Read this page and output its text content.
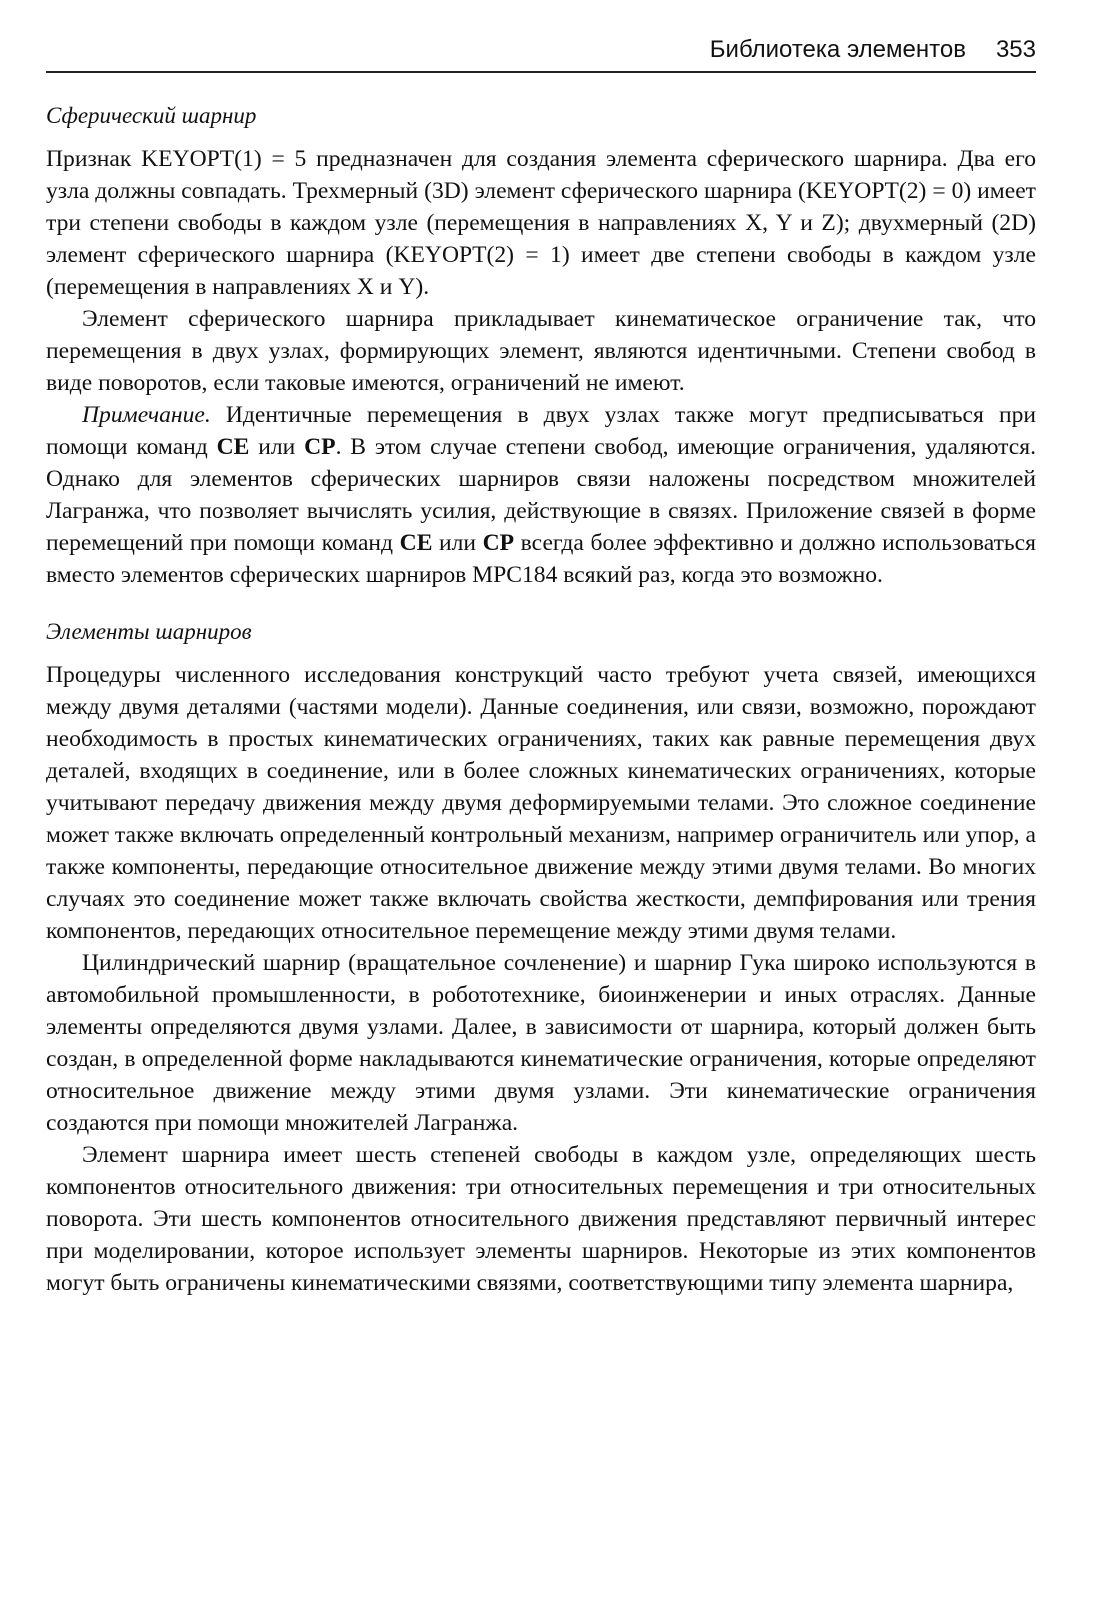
Библиотека элементов 353
Сферический шарнир

Признак KEYOPT(1) = 5 предназначен для создания элемента сферического шарнира. Два его узла должны совпадать. Трехмерный (3D) элемент сферического шарнира (KEYOPT(2) = 0) имеет три степени свободы в каждом узле (перемещения в направлениях X, Y и Z); двухмерный (2D) элемент сферического шарнира (KEYOPT(2) = 1) имеет две степени свободы в каждом узле (перемещения в направлениях X и Y).

Элемент сферического шарнира прикладывает кинематическое ограничение так, что перемещения в двух узлах, формирующих элемент, являются идентичными. Степени свобод в виде поворотов, если таковые имеются, ограничений не имеют.

Примечание. Идентичные перемещения в двух узлах также могут предписываться при помощи команд CE или CP. В этом случае степени свобод, имеющие ограничения, удаляются. Однако для элементов сферических шарниров связи наложены посредством множителей Лагранжа, что позволяет вычислять усилия, действующие в связях. Приложение связей в форме перемещений при помощи команд CE или CP всегда более эффективно и должно использоваться вместо элементов сферических шарниров MPC184 всякий раз, когда это возможно.

Элементы шарниров

Процедуры численного исследования конструкций часто требуют учета связей, имеющихся между двумя деталями (частями модели). Данные соединения, или связи, возможно, порождают необходимость в простых кинематических ограничениях, таких как равные перемещения двух деталей, входящих в соединение, или в более сложных кинематических ограничениях, которые учитывают передачу движения между двумя деформируемыми телами. Это сложное соединение может также включать определенный контрольный механизм, например ограничитель или упор, а также компоненты, передающие относительное движение между этими двумя телами. Во многих случаях это соединение может также включать свойства жесткости, демпфирования или трения компонентов, передающих относительное перемещение между этими двумя телами.

Цилиндрический шарнир (вращательное сочленение) и шарнир Гука широко используются в автомобильной промышленности, в робототехнике, биоинженерии и иных отраслях. Данные элементы определяются двумя узлами. Далее, в зависимости от шарнира, который должен быть создан, в определенной форме накладываются кинематические ограничения, которые определяют относительное движение между этими двумя узлами. Эти кинематические ограничения создаются при помощи множителей Лагранжа.

Элемент шарнира имеет шесть степеней свободы в каждом узле, определяющих шесть компонентов относительного движения: три относительных перемещения и три относительных поворота. Эти шесть компонентов относительного движения представляют первичный интерес при моделировании, которое использует элементы шарниров. Некоторые из этих компонентов могут быть ограничены кинематическими связями, соответствующими типу элемента шарнира,
